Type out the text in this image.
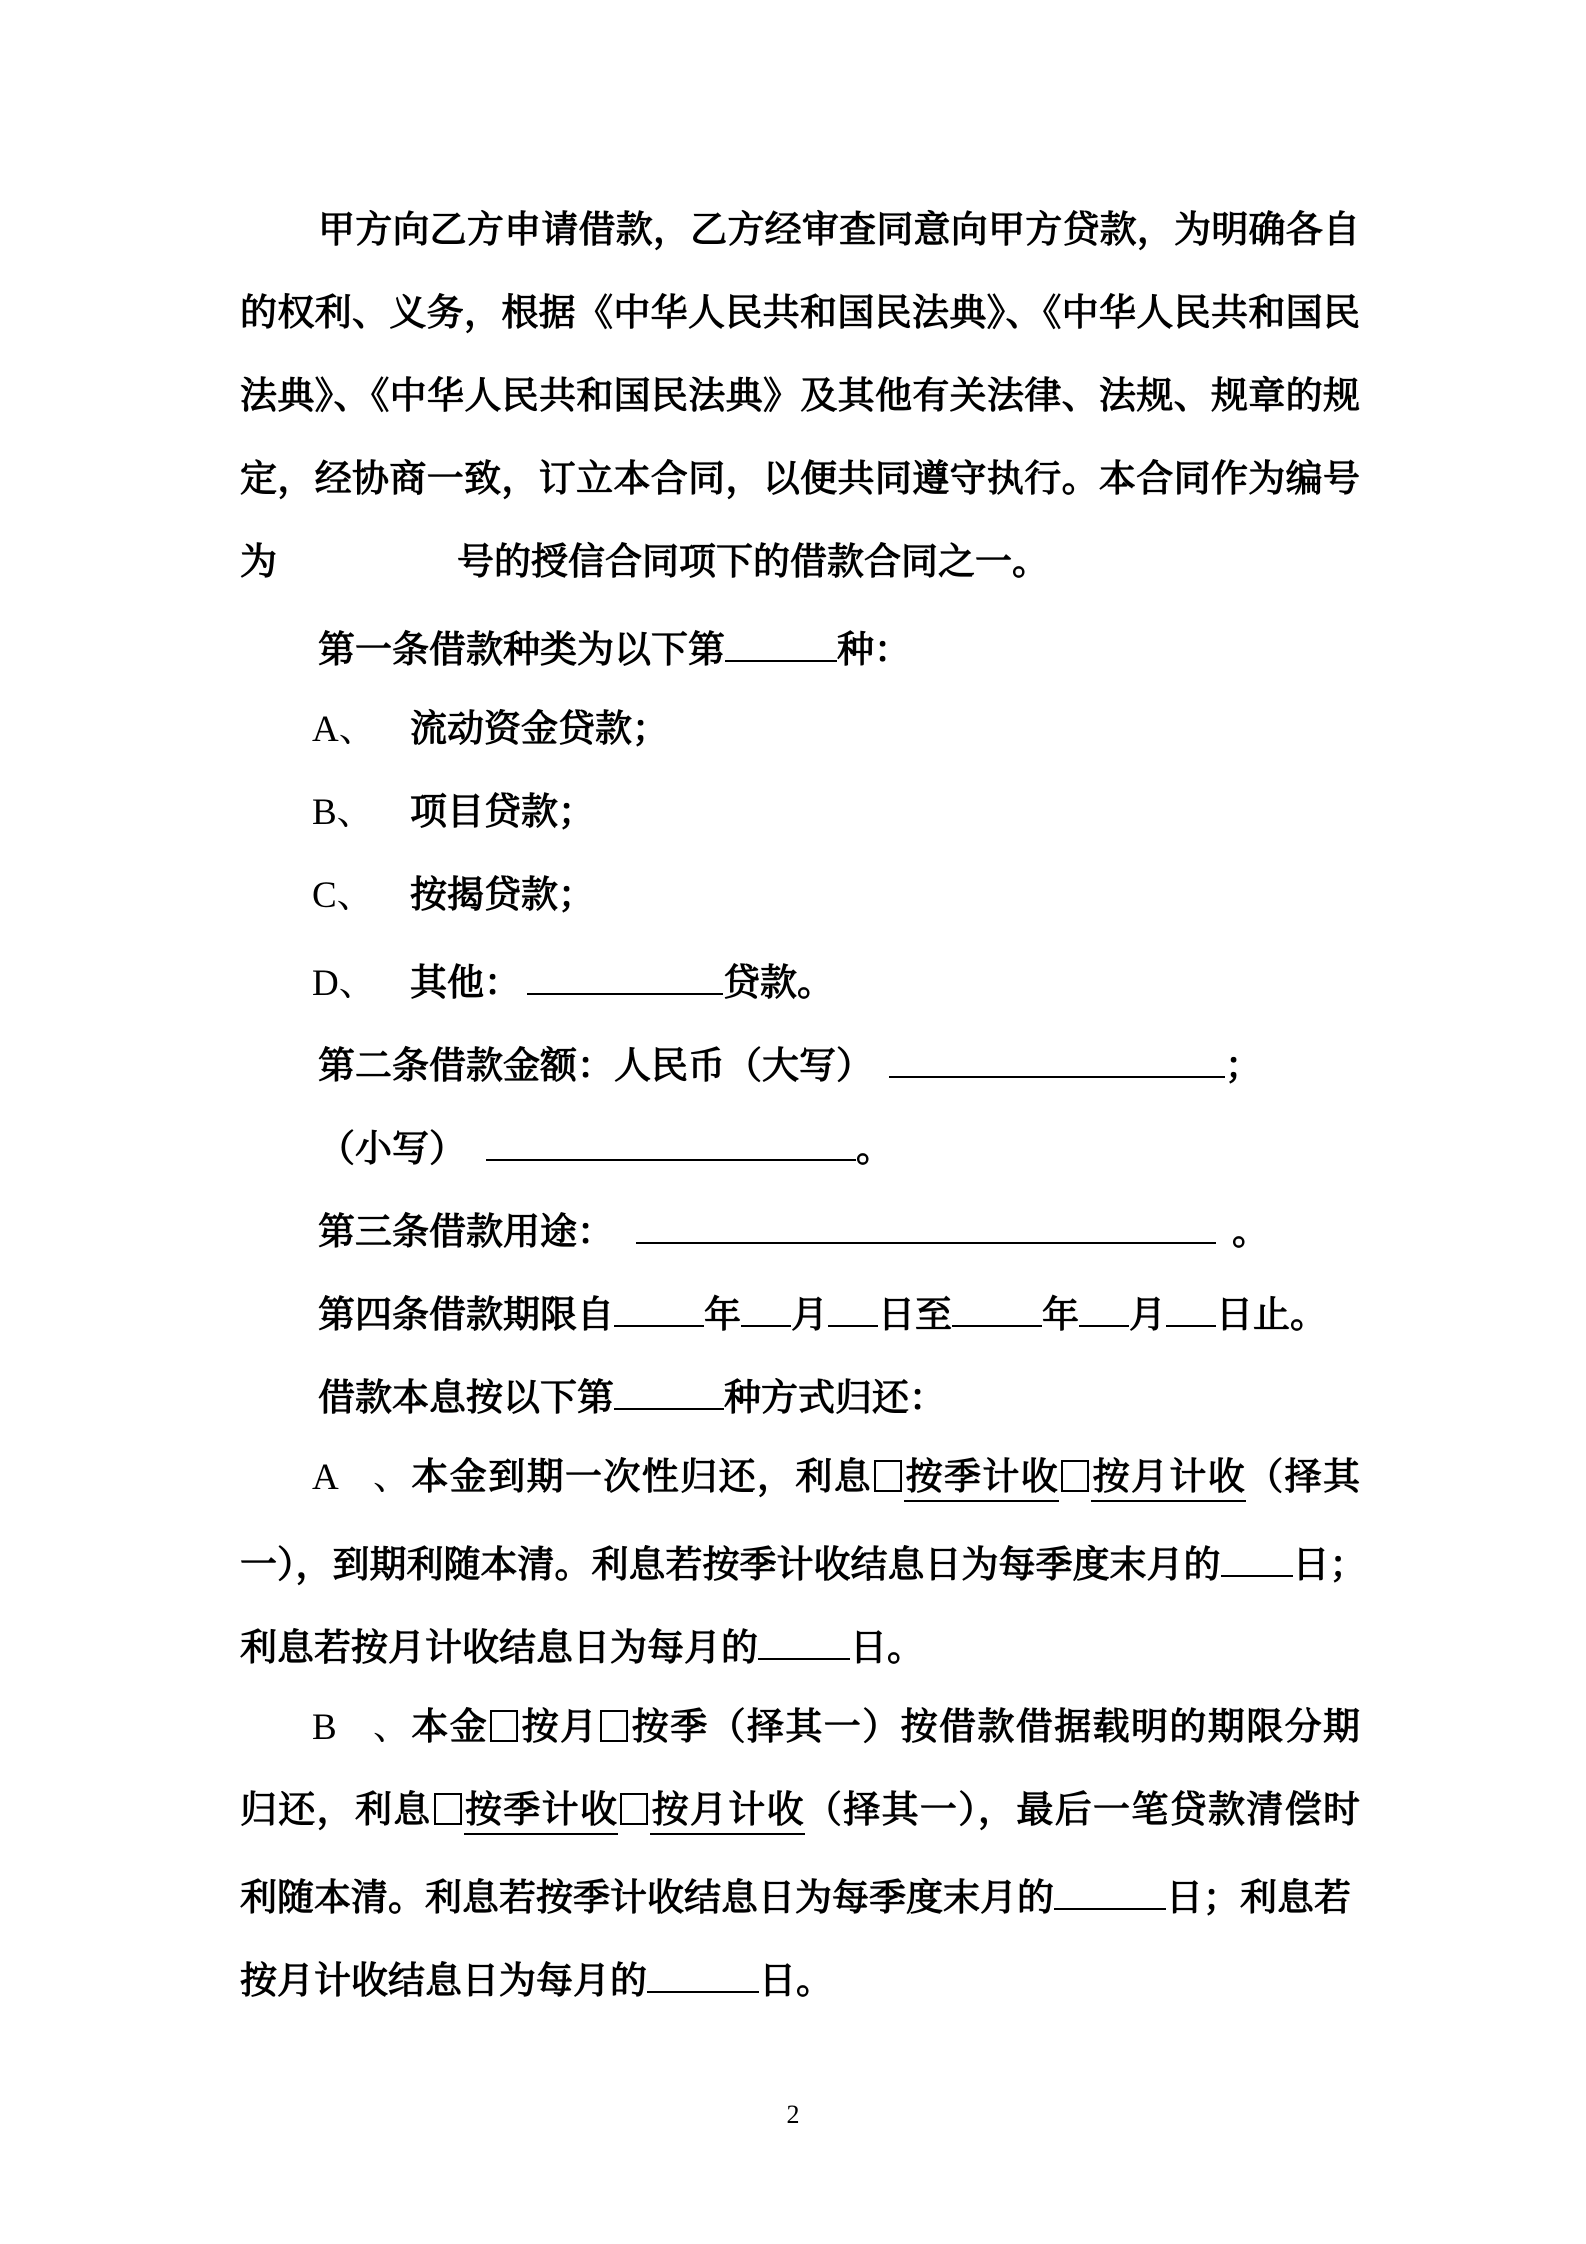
甲方向乙方申请借款，乙方经审查同意向甲方贷款，为明确各自
的权利、义务，根据《中华人民共和国民法典》、《中华人民共和国民
法典》、《中华人民共和国民法典》及其他有关法律、法规、规章的规
定，经协商一致，订立本合同，以便共同遵守执行。本合同作为编号
为	号的授信合同项下的借款合同之一。
第一条借款种类为以下第	种：
A、 流动资金贷款；
B、 项目贷款；
C、 按揭贷款；
D、 其他：	贷款。
第二条借款金额：人民币（大写）	；
（小写）	。
第三条借款用途：	。
第四条借款期限自 年 月 日至 年 月 日止。
借款本息按以下第	种方式归还：
A、本金到期一次性归还，利息 按季计收 按月计收（择其
一），到期利随本清。利息若按季计收结息日为每季度末月的 日；
利息若按月计收结息日为每月的 日。
B、本金 按月 按季（择其一）按借款借据载明的期限分期
归还，利息 按季计收 按月计收（择其一），最后一笔贷款清偿时
利随本清。利息若按季计收结息日为每季度末月的	日；利息若
按月计收结息日为每月的	日。
2
